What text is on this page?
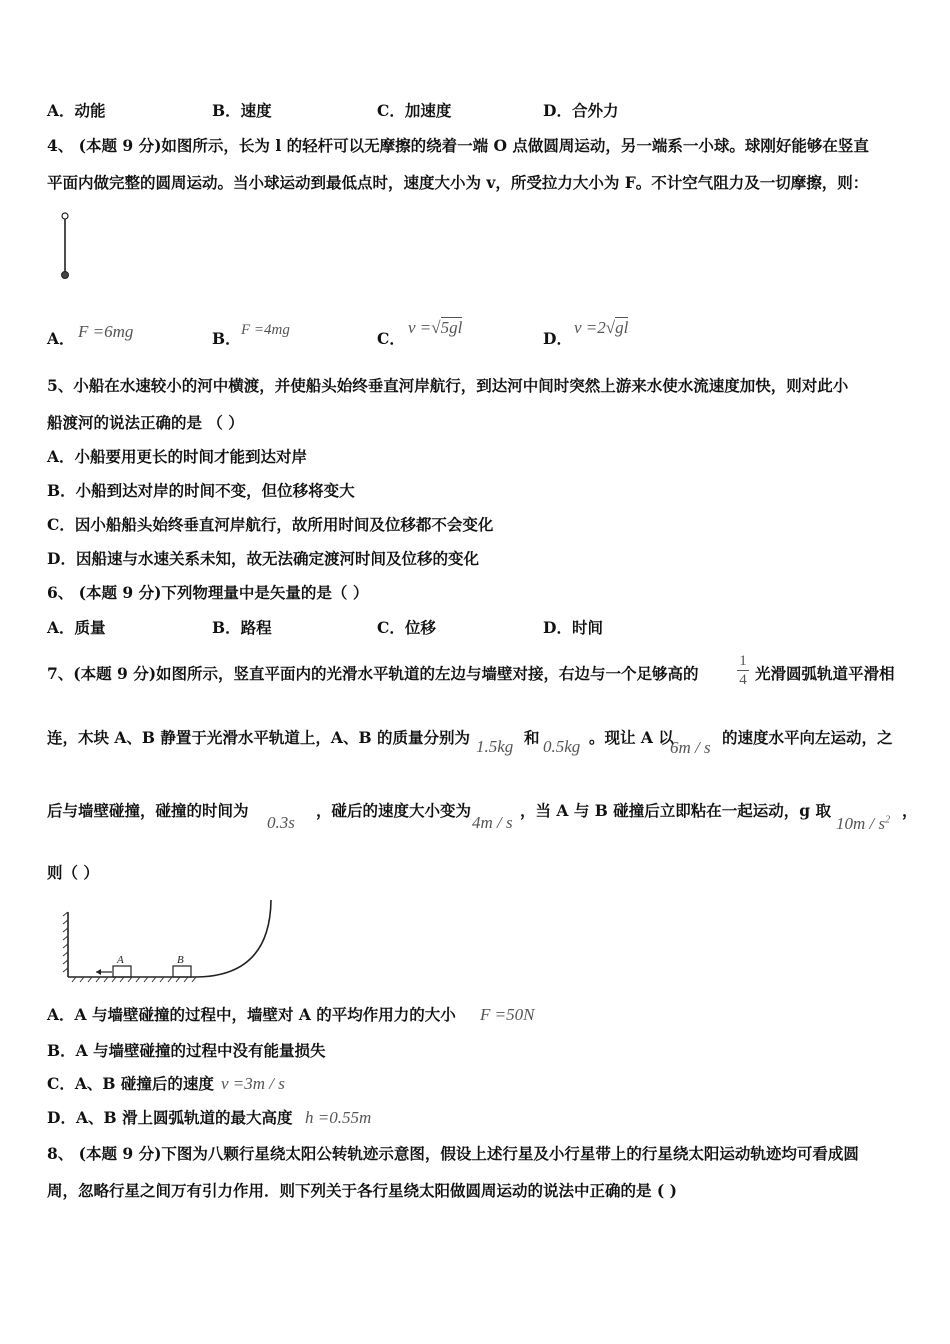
A．动能	B．速度	C．加速度	D．合外力
4、 (本题 9 分)如图所示，长为 l 的轻杆可以无摩擦的绕着一端 O 点做圆周运动，另一端系一小球。球刚好能够在竖直
平面内做完整的圆周运动。当小球运动到最低点时，速度大小为 v，所受拉力大小为 F。不计空气阻力及一切摩擦，则：
A． F =6mg	B． F =4mg	C．
v =√5gl
D．
v =2√gl
5、小船在水速较小的河中横渡，并使船头始终垂直河岸航行，到达河中间时突然上游来水使水流速度加快，则对此小
船渡河的说法正确的是 （ ）
A．小船要用更长的时间才能到达对岸
B．小船到达对岸的时间不变，但位移将变大
C．因小船船头始终垂直河岸航行，故所用时间及位移都不会变化
D．因船速与水速关系未知，故无法确定渡河时间及位移的变化
6、 (本题 9 分)下列物理量中是矢量的是（ ）
A．质量	B．路程	C．位移	D．时间
7、(本题 9 分)如图所示，竖直平面内的光滑水平轨道的左边与墙壁对接，右边与一个足够高的	$\frac{1}{4}$ 光滑圆弧轨道平滑相
连，木块 A、B 静置于光滑水平轨道上，A、B 的质量分别为 1.5kg 和 0.5kg 。现让 A 以
6m / s
的速度水平向左运动，之
后与墙壁碰撞，碰撞的时间为
0.3s
，碰后的速度大小变为
4m / s
，当 A 与 B 碰撞后立即粘在一起运动，g 取
$10m / s^2$ ，
则（ ）
A	B
A．A 与墙壁碰撞的过程中，墙壁对 A 的平均作用力的大小 F =50N
B．A 与墙壁碰撞的过程中没有能量损失
C．A、B 碰撞后的速度 v =3m / s
D．A、B 滑上圆弧轨道的最大高度 h =0.55m
8、 (本题 9 分)下图为八颗行星绕太阳公转轨迹示意图，假设上述行星及小行星带上的行星绕太阳运动轨迹均可看成圆
周，忽略行星之间万有引力作用．则下列关于各行星绕太阳做圆周运动的说法中正确的是 ( )
